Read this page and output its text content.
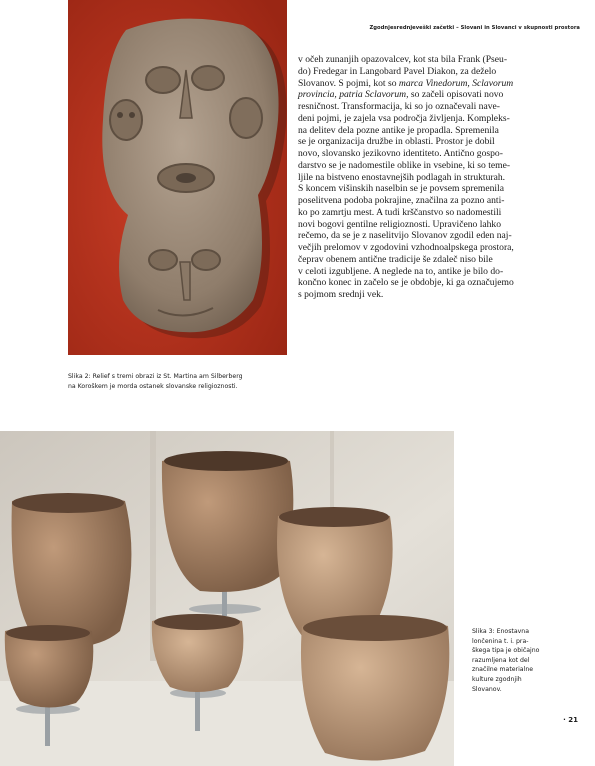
Zgodnjesrednjeveški začetki – Slovani in Slovanci v skupnosti prostora

v očeh zunanjih opazovalcev, kot sta bila Frank (Pseu-

do) Fredegar in Langobard Pavel Diakon, za deželo

Slovanov. S pojmi, kot so marca Vinedorum, Sclavorum

provincia, patria Sclavorum, so začeli opisovati novo

resničnost. Transformacija, ki so jo označevali nave-

deni pojmi, je zajela vsa področja življenja. Kompleks-

na delitev dela pozne antike je propadla. Spremenila

se je organizacija družbe in oblasti. Prostor je dobil

novo, slovansko jezikovno identiteto. Antično gospo-

darstvo se je nadomestile oblike in vsebine, ki so teme-

ljile na bistveno enostavnejših podlagah in strukturah.

S koncem višinskih naselbin se je povsem spremenila

poselitvena podoba pokrajine, značilna za pozno anti-

ko po zamrtju mest. A tudi krščanstvo so nadomestili

novi bogovi gentilne religioznosti. Upravičeno lahko

rečemo, da se je z naselitvijo Slovanov zgodil eden naj-

večjih prelomov v zgodovini vzhodnoalpskega prostora,

čeprav obenem antične tradicije še zdaleč niso bile

v celoti izgubljene. A neglede na to, antike je bilo do-

končno konec in začelo se je obdobje, ki ga označujemo

s pojmom srednji vek.

Slika 2: Relief s tremi obrazi iz St. Martina am Silberberg

na Koroškem je morda ostanek slovanske religioznosti.

Slika 3: Enostavna

lončenina t. i. pra-

škega tipa je običajno

razumljena kot del

značilne materialne

kulture zgodnjih

Slovanov.

· 21
